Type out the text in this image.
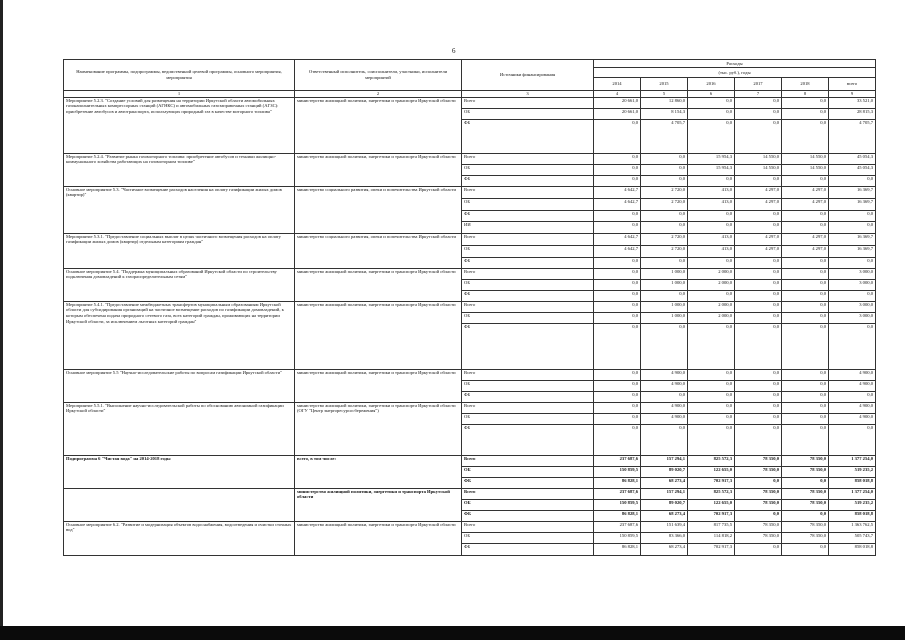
6
Наименование программы, подпрограммы, ведомственной целевой программы, основного мероприятия, мероприятия	Ответственный исполнитель, соисполнители, участники, исполнители мероприятий	Источники финансирования	Расходы					
			(тыс. руб.), годы					
			2014	2015	2016	2017	2018	всего
1	2	3	4	5	6	7	8	9
Мероприятие 5.2.3. "Создание условий для размещения на территории Иркутской области автомобильных газонаполнительных компрессорных станций (АГНКС) и автомобильных газозаправочных станций (АГЗС): приобретение автобусов и автотранспорта, использующих природный газ в качестве моторного топлива"	министерство жилищной политики, энергетики и транспорта Иркутской области	Всего	20 661,0	12 860,0	0,0	0,0	0,0	33 521,0
		ОБ	20 661,0	8 154,3	0,0	0,0	0,0	28 815,3
		ФБ	0,0	4 705,7	0,0	0,0	0,0	4 705,7
Мероприятие 5.2.4. "Развитие рынка газомоторного топлива: приобретение автобусов и техники жилищно-коммунального хозяйства работающих на газомоторном топливе"	министерство жилищной политики, энергетики и транспорта Иркутской области	Всего	0,0	0,0	15 954,3	14 550,0	14 550,0	45 054,3
		ОБ	0,0	0,0	15 954,3	14 550,0	14 550,0	45 054,3
		ФБ	0,0	0,0	0,0	0,0	0,0	0,0
Основное мероприятие 5.3. "Частичное возмещение расходов населения на оплату газификации жилых домов (квартир)"	министерство социального развития, опеки и попечительства Иркутской области	Всего	4 642,7	2 720,0	413,0	4 297,0	4 297,0	16 369,7
		ОБ	4 642,7	2 720,0	413,0	4 297,0	4 297,0	16 369,7
		ФБ	0,0	0,0	0,0	0,0	0,0	0,0
		ИИ	0,0	0,0	0,0	0,0	0,0	0,0
Мероприятие 5.3.1. "Предоставление социальных выплат в целях частичного возмещения расходов на оплату газификации жилых домов (квартир) отдельным категориям граждан"	министерство социального развития, опеки и попечительства Иркутской области	Всего	4 642,7	2 720,0	413,0	4 297,0	4 297,0	16 369,7
		ОБ	4 642,7	2 720,0	413,0	4 297,0	4 297,0	16 369,7
		ФБ	0,0	0,0	0,0	0,0	0,0	0,0
Основное мероприятие 5.4. "Поддержка муниципальных образований Иркутской области по строительству подключения домовладений к газораспределительным сетям"	министерство жилищной политики, энергетики и транспорта Иркутской области	Всего	0,0	1 000,0	2 000,0	0,0	0,0	3 000,0
		ОБ	0,0	1 000,0	2 000,0	0,0	0,0	3 000,0
		ФБ	0,0	0,0	0,0	0,0	0,0	0,0
Мероприятие 5.4.1. "Предоставление межбюджетных трансфертов муниципальным образованиям Иркутской области для субсидирования организаций на частичное возмещение расходов по газификации домовладений, к которым обеспечена подача природного сетевого газа, всех категорий граждан, проживающих на территории Иркутской области, за исключением льготных категорий граждан"	министерство жилищной политики, энергетики и транспорта Иркутской области	Всего	0,0	1 000,0	2 000,0	0,0	0,0	3 000,0
		ОБ	0,0	1 000,0	2 000,0	0,0	0,0	3 000,0
		ФБ	0,0	0,0	0,0	0,0	0,0	0,0
Основное мероприятие 5.5 "Научно-исследовательские работы по вопросам газификации Иркутской области"	министерство жилищной политики, энергетики и транспорта Иркутской области	Всего	0,0	4 900,0	0,0	0,0	0,0	4 900,0
		ОБ	0,0	4 900,0	0,0	0,0	0,0	4 900,0
		ФБ	0,0	0,0	0,0	0,0	0,0	0,0
Мероприятие 5.5.1. "Выполнение научно-исследовательской работы по обоснованию автономной газификации Иркутской области"	министерство жилищной политики, энергетики и транспорта Иркутской области (ОГУ "Центр энергоресурсосбережения")	Всего	0,0	4 900,0	0,0	0,0	0,0	4 900,0
		ОБ	0,0	4 900,0	0,0	0,0	0,0	4 900,0
		ФБ	0,0	0,0	0,0	0,0	0,0	0,0
Подпрограмма 6 "Чистая вода" на 2014-2018 годы	всего, в том числе:	Всего	237 687,6	157 294,1	825 572,3	78 350,0	78 350,0	1 377 254,0
		ОБ	150 859,5	89 020,7	122 655,0	78 350,0	78 350,0	519 235,2
		ФБ	86 828,1	68 273,4	702 917,3	0,0	0,0	858 018,8
	министерство жилищной политики, энергетики и транспорта Иркутской области	Всего	237 687,6	157 294,1	825 572,3	78 350,0	78 350,0	1 377 254,0
		ОБ	150 859,5	89 020,7	122 655,0	78 350,0	78 350,0	519 235,2
		ФБ	86 828,1	68 273,4	702 917,3	0,0	0,0	858 018,8
Основное мероприятие 6.2. "Развитие и модернизация объектов водоснабжения, водоотведения и очистки сточных вод"	министерство жилищной политики, энергетики и транспорта Иркутской области	Всего	237 687,6	151 639,4	817 735,5	78 350,0	78 350,0	1 363 762,5
		ОБ	150 859,5	83 366,0	114 818,2	78 350,0	78 350,0	505 743,7
		ФБ	86 828,1	68 273,4	702 917,3	0,0	0,0	858 018,8
